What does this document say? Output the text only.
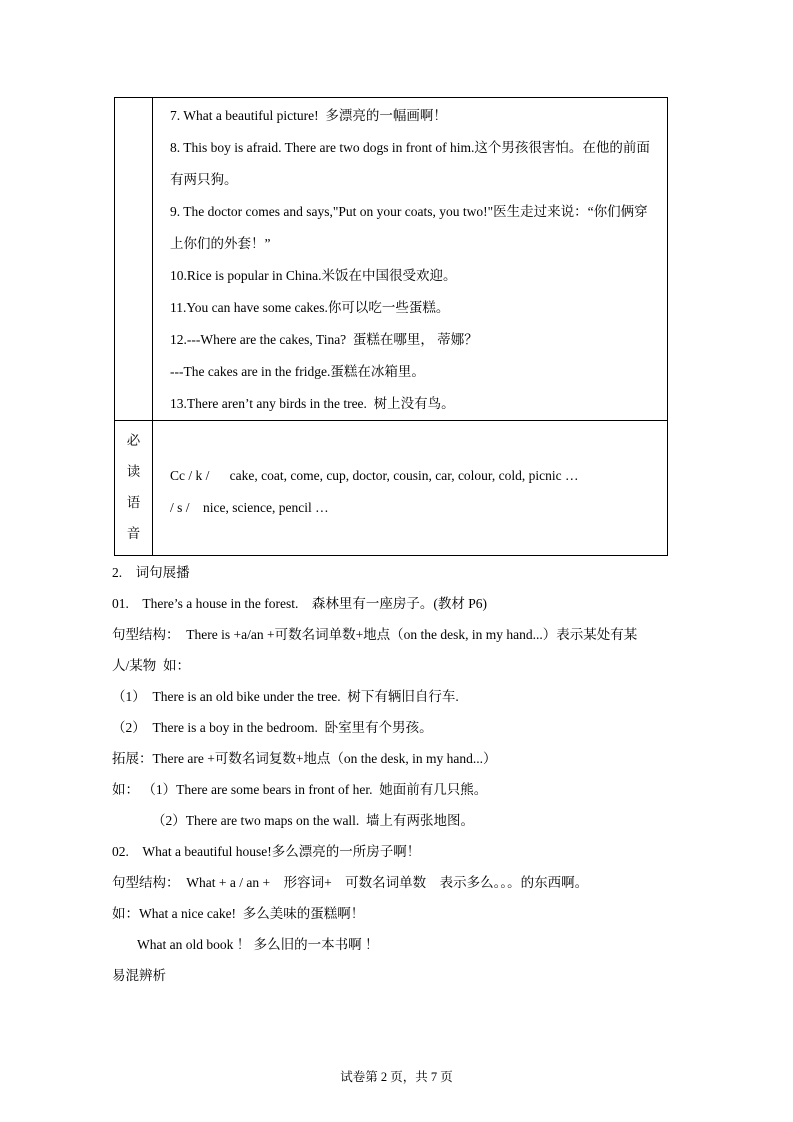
7. What a beautiful picture!  多漂亮的一幅画啊！

8. This boy is afraid. There are two dogs in front of him.这个男孩很害怕。在他的前面

有两只狗。

9. The doctor comes and says,"Put on your coats, you two!"医生走过来说：“你们俩穿

上你们的外套！”

10.Rice is popular in China.米饭在中国很受欢迎。

11.You can have some cakes.你可以吃一些蛋糕。

12.---Where are the cakes, Tina?  蛋糕在哪里， 蒂娜？

---The cakes are in the fridge.蛋糕在冰箱里。

13.There aren’t any birds in the tree.  树上没有鸟。

必
读
语
音

Cc / k /      cake, coat, come, cup, doctor, cousin, car, colour, cold, picnic …

/ s /    nice, science, pencil …

2.　词句展播

01.　There’s a house in the forest.　森林里有一座房子。(教材 P6)

句型结构：　There is +a/an +可数名词单数+地点（on the desk, in my hand...）表示某处有某

人/某物  如：

（1）　There is an old bike under the tree.  树下有辆旧自行车.

（2）　There is a boy in the bedroom.  卧室里有个男孩。

拓展：There are +可数名词复数+地点（on the desk, in my hand...）

如： （1）There are some bears in front of her.  她面前有几只熊。

（2）There are two maps on the wall.  墙上有两张地图。

02.　What a beautiful house!多么漂亮的一所房子啊！

句型结构：　What + a / an +　形容词+　可数名词单数　表示多么。。。的东西啊。

如：What a nice cake!  多么美味的蛋糕啊！

What an old book ！ 多么旧的一本书啊 ！

易混辨析

试卷第 2 页，共 7 页
